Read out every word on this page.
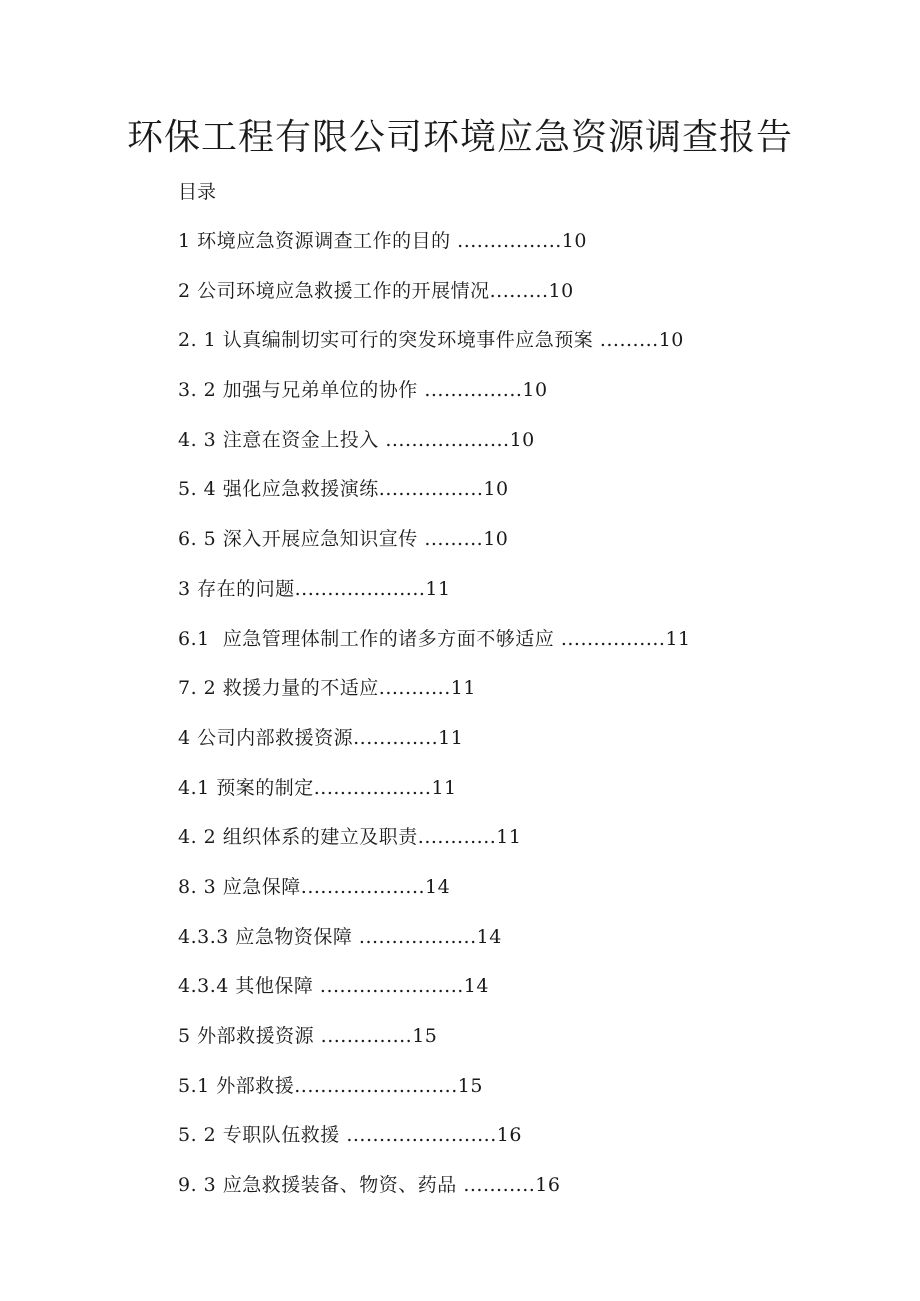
环保工程有限公司环境应急资源调查报告
目录
1 环境应急资源调查工作的目的 ................10
2 公司环境应急救援工作的开展情况.........10
2. 1 认真编制切实可行的突发环境事件应急预案 .........10
3. 2 加强与兄弟单位的协作 ...............10
4. 3 注意在资金上投入 ...................10
5. 4 强化应急救援演练................10
6. 5 深入开展应急知识宣传 .........10
3 存在的问题....................11
6.1  应急管理体制工作的诸多方面不够适应 ................11
7. 2 救援力量的不适应...........11
4 公司内部救援资源.............11
4.1 预案的制定..................11
4. 2 组织体系的建立及职责............11
8. 3 应急保障...................14
4.3.3 应急物资保障 ..................14
4.3.4 其他保障 ......................14
5 外部救援资源 ..............15
5.1 外部救援.........................15
5. 2 专职队伍救援 .......................16
9. 3 应急救援装备、物资、药品 ...........16
